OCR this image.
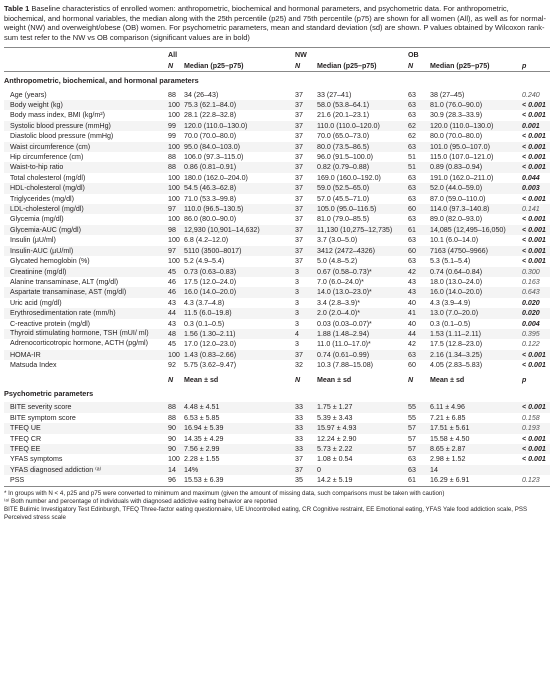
Table 1 Baseline characteristics of enrolled women: anthropometric, biochemical and hormonal parameters, and psychometric data. For anthropometric, biochemical, and hormonal variables, the median along with the 25th percentile (p25) and 75th percentile (p75) are shown for all women (All), as well as for normal-weight (NW) and overweight/obese (OB) women. For psychometric parameters, mean and standard deviation (sd) are shown. P values obtained by Wilcoxon rank-sum test refer to the NW vs OB comparison (significant values are in bold)
	All		NW		OB		
	N	Median (p25–p75)	N	Median (p25–p75)	N	Median (p25–p75)	p
Anthropometric, biochemical, and hormonal parameters							
Age (years)	88	34 (26–43)	37	33 (27–41)	63	38 (27–45)	0.240
Body weight (kg)	100	75.3 (62.1–84.0)	37	58.0 (53.8–64.1)	63	81.0 (76.0–90.0)	< 0.001
Body mass index, BMI (kg/m²)	100	28.1 (22.8–32.8)	37	21.6 (20.1–23.1)	63	30.9 (28.3–33.9)	< 0.001
Systolic blood pressure (mmHg)	99	120.0 (110.0–130.0)	37	110.0 (110.0–120.0)	62	120.0 (110.0–130.0)	0.001
Diastolic blood pressure (mmHg)	99	70.0 (70.0–80.0)	37	70.0 (65.0–73.0)	62	80.0 (70.0–80.0)	< 0.001
Waist circumference (cm)	100	95.0 (84.0–103.0)	37	80.0 (73.5–86.5)	63	101.0 (95.0–107.0)	< 0.001
Hip circumference (cm)	88	106.0 (97.3–115.0)	37	96.0 (91.5–100.0)	51	115.0 (107.0–121.0)	< 0.001
Waist-to-hip ratio	88	0.86 (0.81–0.91)	37	0.82 (0.79–0.88)	51	0.89 (0.83–0.94)	< 0.001
Total cholesterol (mg/dl)	100	180.0 (162.0–204.0)	37	169.0 (160.0–192.0)	63	191.0 (162.0–211.0)	0.044
HDL-cholesterol (mg/dl)	100	54.5 (46.3–62.8)	37	59.0 (52.5–65.0)	63	52.0 (44.0–59.0)	0.003
Triglycerides (mg/dl)	100	71.0 (53.3–99.8)	37	57.0 (45.5–71.0)	63	87.0 (59.0–110.0)	< 0.001
LDL-cholesterol (mg/dl)	97	110.0 (96.5–130.5)	37	105.0 (95.0–116.5)	60	114.0 (97.3–140.8)	0.141
Glycemia (mg/dl)	100	86.0 (80.0–90.0)	37	81.0 (79.0–85.5)	63	89.0 (82.0–93.0)	< 0.001
Glycemia-AUC (mg/dl)	98	12,930 (10,901–14,632)	37	11,130 (10,275–12,735)	61	14,085 (12,495–16,050)	< 0.001
Insulin (µU/ml)	100	6.8 (4.2–12.0)	37	3.7 (3.0–5.0)	63	10.1 (6.0–14.0)	< 0.001
Insulin-AUC (µU/ml)	97	5110 (3500–8017)	37	3412 (2472–4326)	60	7163 (4750–9966)	< 0.001
Glycated hemoglobin (%)	100	5.2 (4.9–5.4)	37	5.0 (4.8–5.2)	63	5.3 (5.1–5.4)	< 0.001
Creatinine (mg/dl)	45	0.73 (0.63–0.83)	3	0.67 (0.58–0.73)*	42	0.74 (0.64–0.84)	0.300
Alanine transaminase, ALT (mg/dl)	46	17.5 (12.0–24.0)	3	7.0 (6.0–24.0)*	43	18.0 (13.0–24.0)	0.163
Aspartate transaminase, AST (mg/dl)	46	16.0 (14.0–20.0)	3	14.0 (13.0–23.0)*	43	16.0 (14.0–20.0)	0.643
Uric acid (mg/dl)	43	4.3 (3.7–4.8)	3	3.4 (2.8–3.9)*	40	4.3 (3.9–4.9)	0.020
Erythrosedimentation rate (mm/h)	44	11.5 (6.0–19.8)	3	2.0 (2.0–4.0)*	41	13.0 (7.0–20.0)	0.020
C-reactive protein (mg/dl)	43	0.3 (0.1–0.5)	3	0.03 (0.03–0.07)*	40	0.3 (0.1–0.5)	0.004
Thyroid stimulating hormone, TSH (mUI/ ml)	48	1.56 (1.30–2.11)	4	1.88 (1.48–2.94)	44	1.53 (1.11–2.11)	0.395
Adrenocorticotropic hormone, ACTH (pg/ml)	45	17.0 (12.0–23.0)	3	11.0 (11.0–17.0)*	42	17.5 (12.8–23.0)	0.122
HOMA-IR	100	1.43 (0.83–2.66)	37	0.74 (0.61–0.99)	63	2.16 (1.34–3.25)	< 0.001
Matsuda Index	92	5.75 (3.62–9.47)	32	10.3 (7.88–15.08)	60	4.05 (2.83–5.83)	< 0.001
	N	Mean ± sd	N	Mean ± sd	N	Mean ± sd	p
Psychometric parameters							
BITE severity score	88	4.48 ± 4.51	33	1.75 ± 1.27	55	6.11 ± 4.96	< 0.001
BITE symptom score	88	6.53 ± 5.85	33	5.39 ± 3.43	55	7.21 ± 6.85	0.158
TFEQ UE	90	16.94 ± 5.39	33	15.97 ± 4.93	57	17.51 ± 5.61	0.193
TFEQ CR	90	14.35 ± 4.29	33	12.24 ± 2.90	57	15.58 ± 4.50	< 0.001
TFEQ EE	90	7.56 ± 2.99	33	5.73 ± 2.22	57	8.65 ± 2.87	< 0.001
YFAS symptoms	100	2.28 ± 1.55	37	1.08 ± 0.54	63	2.98 ± 1.52	< 0.001
YFAS diagnosed addiction ⁽ᵃ⁾	14	14%	37	0	63	14	
PSS	96	15.53 ± 6.39	35	14.2 ± 5.19	61	16.29 ± 6.91	0.123
* In groups with N < 4, p25 and p75 were converted to minimum and maximum (given the amount of missing data, such comparisons must be taken with caution)
⁽ᵃ⁾ Both number and percentage of individuals with diagnosed addictive eating behavior are reported
BITE Bulimic Investigatory Test Edinburgh, TFEQ Three-factor eating questionnaire, UE Uncontrolled eating, CR Cognitive restraint, EE Emotional eating, YFAS Yale food addiction scale, PSS Perceived stress scale
